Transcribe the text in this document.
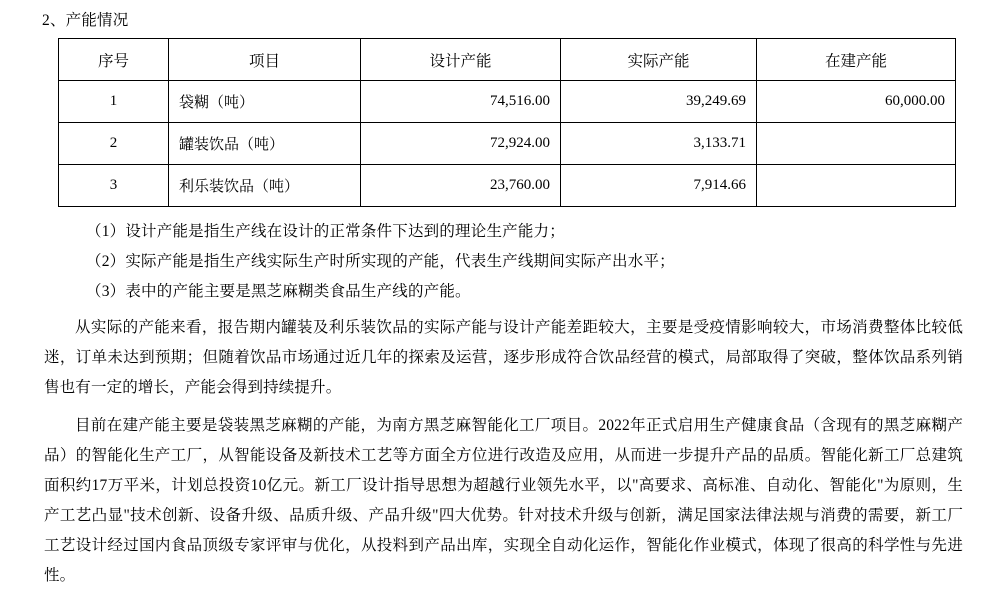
2、产能情况
序号	项目	设计产能	实际产能	在建产能
1	袋糊（吨）	74,516.00	39,249.69	60,000.00
2	罐装饮品（吨）	72,924.00	3,133.71	
3	利乐装饮品（吨）	23,760.00	7,914.66	
（1）设计产能是指生产线在设计的正常条件下达到的理论生产能力；
（2）实际产能是指生产线实际生产时所实现的产能，代表生产线期间实际产出水平；
（3）表中的产能主要是黑芝麻糊类食品生产线的产能。

从实际的产能来看，报告期内罐装及利乐装饮品的实际产能与设计产能差距较大，主要是受疫情影响较大，市场消费整体比较低迷，订单未达到预期；但随着饮品市场通过近几年的探索及运营，逐步形成符合饮品经营的模式，局部取得了突破，整体饮品系列销售也有一定的增长，产能会得到持续提升。

目前在建产能主要是袋装黑芝麻糊的产能，为南方黑芝麻智能化工厂项目。2022年正式启用生产健康食品（含现有的黑芝麻糊产品）的智能化生产工厂，从智能设备及新技术工艺等方面全方位进行改造及应用，从而进一步提升产品的品质。智能化新工厂总建筑面积约17万平米，计划总投资10亿元。新工厂设计指导思想为超越行业领先水平，以"高要求、高标准、自动化、智能化"为原则，生产工艺凸显"技术创新、设备升级、品质升级、产品升级"四大优势。针对技术升级与创新，满足国家法律法规与消费的需要，新工厂工艺设计经过国内食品顶级专家评审与优化，从投料到产品出库，实现全自动化运作，智能化作业模式，体现了很高的科学性与先进性。
